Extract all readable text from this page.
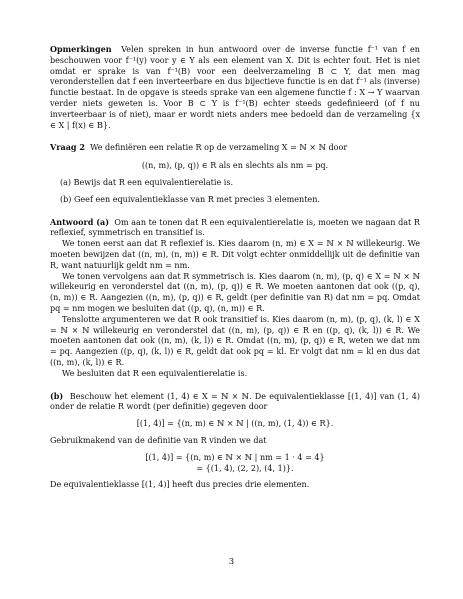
Opmerkingen Velen spreken in hun antwoord over de inverse functie f⁻¹ van f en beschouwen voor f⁻¹(y) voor y ∈ Y als een element van X. Dit is echter fout. Het is niet omdat er sprake is van f⁻¹(B) voor een deelverzameling B ⊂ Y, dat men mag veronderstellen dat f een inverteerbare en dus bijectieve functie is en dat f⁻¹ als (inverse) functie bestaat. In de opgave is steeds sprake van een algemene functie f : X → Y waarvan verder niets geweten is. Voor B ⊂ Y is f⁻¹(B) echter steeds gedefinieerd (of f nu inverteerbaar is of niet), maar er wordt niets anders mee bedoeld dan de verzameling {x ∈ X | f(x) ∈ B}.

Vraag 2 We definiëren een relatie R op de verzameling X = ℕ × ℕ door

((n, m), (p, q)) ∈ R als en slechts als nm = pq.

(a) Bewijs dat R een equivalentierelatie is.

(b) Geef een equivalentieklasse van R met precies 3 elementen.

Antwoord (a) Om aan te tonen dat R een equivalentierelatie is, moeten we nagaan dat R reflexief, symmetrisch en transitief is.

We tonen eerst aan dat R reflexief is. Kies daarom (n, m) ∈ X = ℕ × ℕ willekeurig. We moeten bewijzen dat ((n, m), (n, m)) ∈ R. Dit volgt echter onmiddellijk uit de definitie van R, want natuurlijk geldt nm = nm.

We tonen vervolgens aan dat R symmetrisch is. Kies daarom (n, m), (p, q) ∈ X = ℕ × ℕ willekeurig en veronderstel dat ((n, m), (p, q)) ∈ R. We moeten aantonen dat ook ((p, q), (n, m)) ∈ R. Aangezien ((n, m), (p, q)) ∈ R, geldt (per definitie van R) dat nm = pq. Omdat pq = nm mogen we besluiten dat ((p, q), (n, m)) ∈ R.

Tenslotte argumenteren we dat R ook transitief is. Kies daarom (n, m), (p, q), (k, l) ∈ X = ℕ × ℕ willekeurig en veronderstel dat ((n, m), (p, q)) ∈ R en ((p, q), (k, l)) ∈ R. We moeten aantonen dat ook ((n, m), (k, l)) ∈ R. Omdat ((n, m), (p, q)) ∈ R, weten we dat nm = pq. Aangezien ((p, q), (k, l)) ∈ R, geldt dat ook pq = kl. Er volgt dat nm = kl en dus dat ((n, m), (k, l)) ∈ R.

We besluiten dat R een equivalentierelatie is.

(b) Beschouw het element (1, 4) ∈ X = ℕ × ℕ. De equivalentieklasse [(1, 4)] van (1, 4) onder de relatie R wordt (per definitie) gegeven door

[(1, 4)] = {(n, m) ∈ ℕ × ℕ | ((n, m), (1, 4)) ∈ R}.

Gebruikmakend van de definitie van R vinden we dat

[(1, 4)] = {(n, m) ∈ ℕ × ℕ | nm = 1 · 4 = 4}
= {(1, 4), (2, 2), (4, 1)}.

De equivalentieklasse [(1, 4)] heeft dus precies drie elementen.

3
